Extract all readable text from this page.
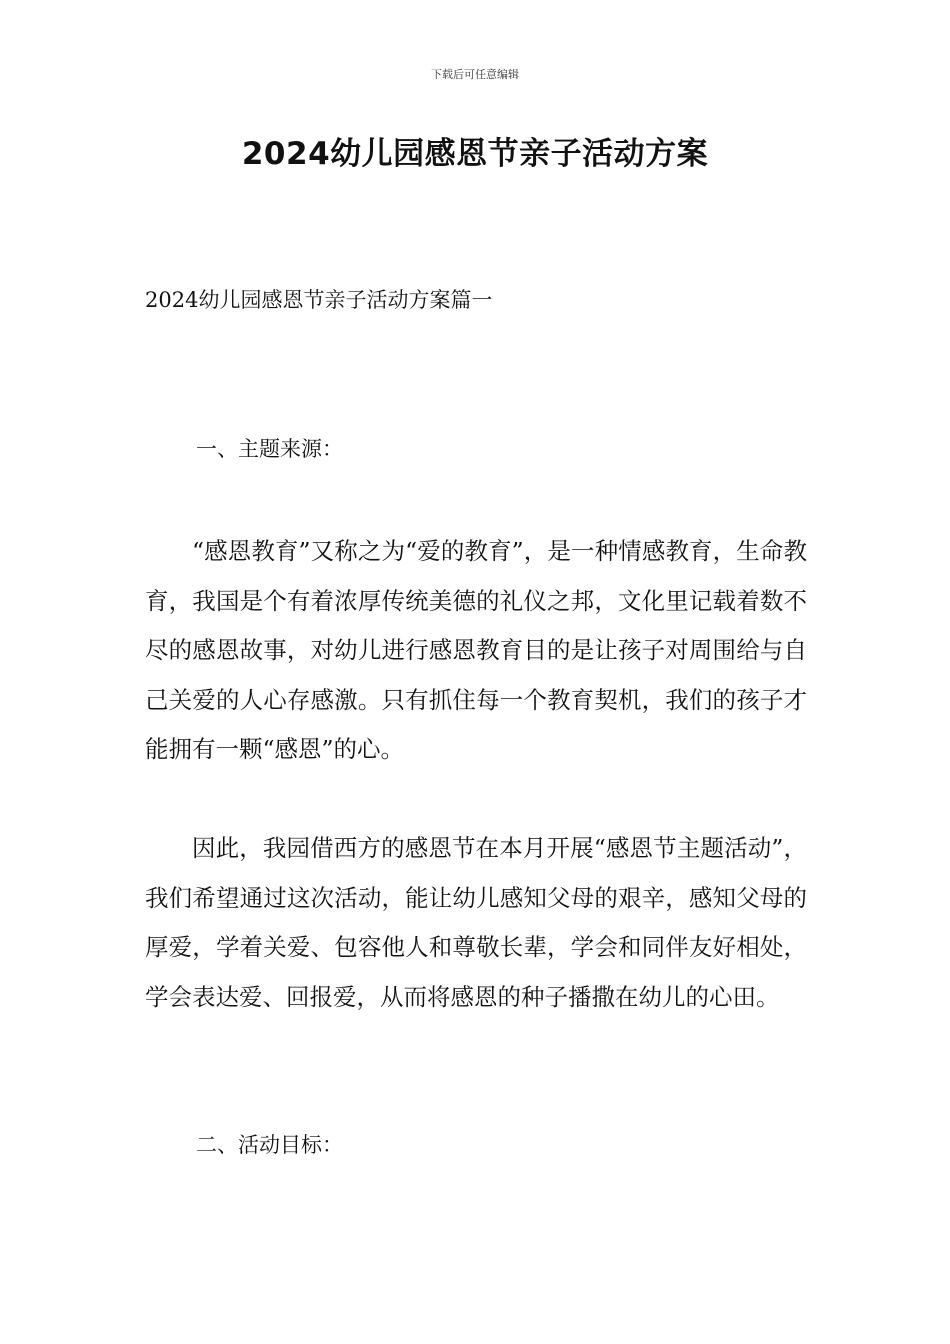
下载后可任意编辑
2024幼儿园感恩节亲子活动方案
2024幼儿园感恩节亲子活动方案篇一
一、主题来源：

“感恩教育”又称之为“爱的教育”，是一种情感教育，生命教育，我国是个有着浓厚传统美德的礼仪之邦，文化里记载着数不尽的感恩故事，对幼儿进行感恩教育目的是让孩子对周围给与自己关爱的人心存感激。只有抓住每一个教育契机，我们的孩子才能拥有一颗“感恩”的心。

因此，我园借西方的感恩节在本月开展“感恩节主题活动”，我们希望通过这次活动，能让幼儿感知父母的艰辛，感知父母的厚爱，学着关爱、包容他人和尊敬长辈，学会和同伴友好相处，学会表达爱、回报爱，从而将感恩的种子播撒在幼儿的心田。

二、活动目标：
